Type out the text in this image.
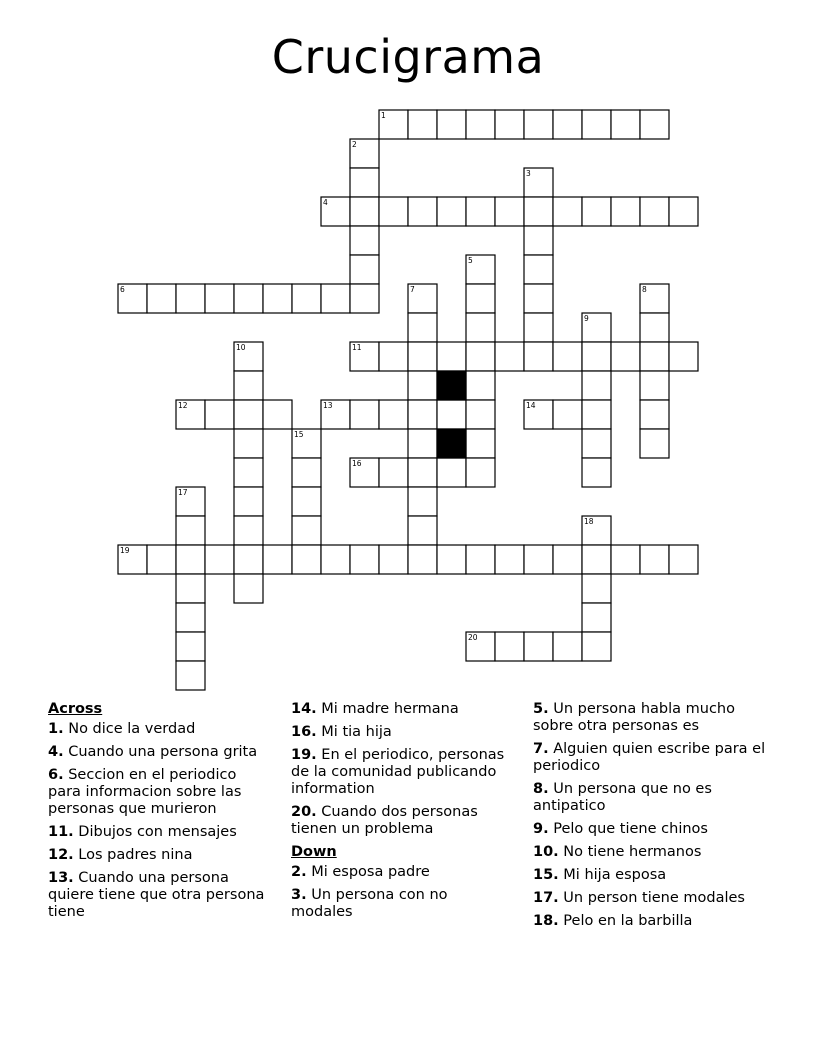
Crucigrama
1
2
3
4
5
6	7	8
9
10	11
12	13	14
15
16
17
18
19
20
Across
1. No dice la verdad
4. Cuando una persona grita
6. Seccion en el periodico para informacion sobre las personas que murieron
11. Dibujos con mensajes
12. Los padres nina
13. Cuando una persona quiere tiene que otra persona tiene
14. Mi madre hermana
16. Mi tia hija
19. En el periodico, personas de la comunidad publicando information
20. Cuando dos personas tienen un problema
Down
2. Mi esposa padre
3. Un persona con no modales
5. Un persona habla mucho sobre otra personas es
7. Alguien quien escribe para el periodico
8. Un persona que no es antipatico
9. Pelo que tiene chinos
10. No tiene hermanos
15. Mi hija esposa
17. Un person tiene modales
18. Pelo en la barbilla
